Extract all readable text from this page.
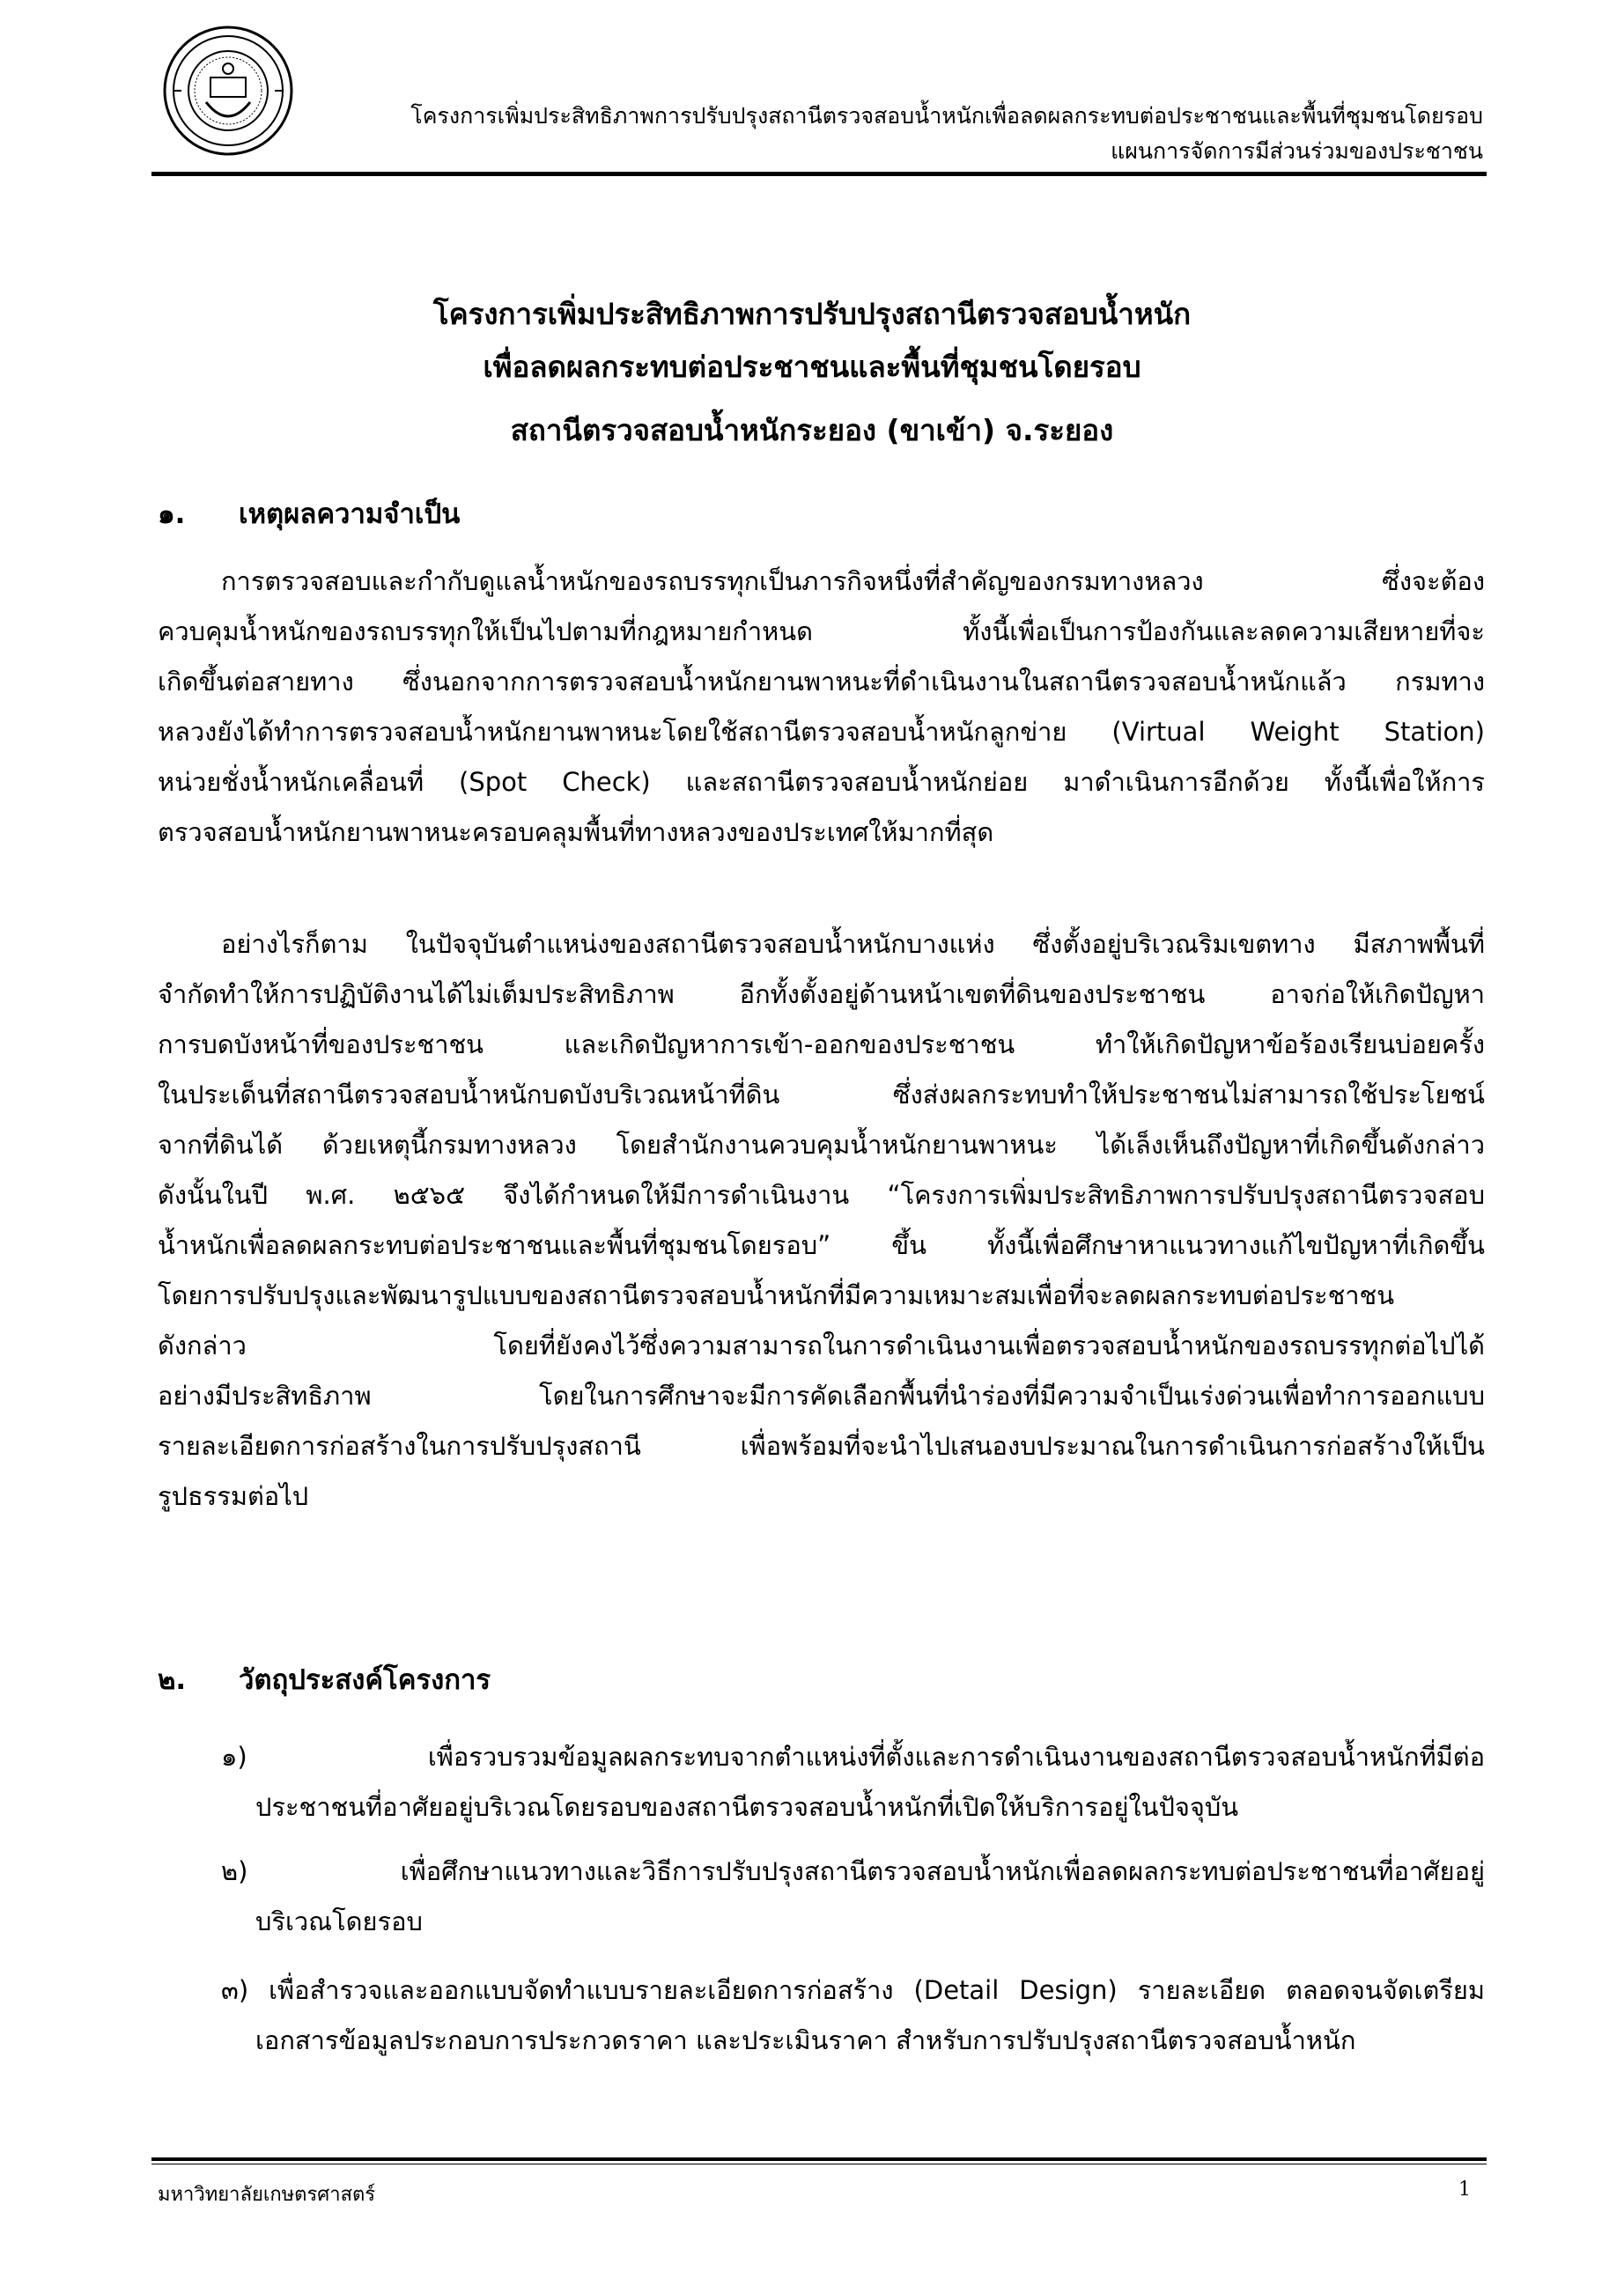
โครงการเพิ่มประสิทธิภาพการปรับปรุงสถานีตรวจสอบน้ำหนักเพื่อลดผลกระทบต่อประชาชนและพื้นที่ชุมชนโดยรอบ
แผนการจัดการมีส่วนร่วมของประชาชน
โครงการเพิ่มประสิทธิภาพการปรับปรุงสถานีตรวจสอบน้ำหนัก
เพื่อลดผลกระทบต่อประชาชนและพื้นที่ชุมชนโดยรอบ
สถานีตรวจสอบน้ำหนักระยอง (ขาเข้า) จ.ระยอง
๑. เหตุผลความจำเป็น
การตรวจสอบและกำกับดูแลน้ำหนักของรถบรรทุกเป็นภารกิจหนึ่งที่สำคัญของกรมทางหลวง ซึ่งจะต้อง
ควบคุมน้ำหนักของรถบรรทุกให้เป็นไปตามที่กฎหมายกำหนด ทั้งนี้เพื่อเป็นการป้องกันและลดความเสียหายที่จะ
เกิดขึ้นต่อสายทาง ซึ่งนอกจากการตรวจสอบน้ำหนักยานพาหนะที่ดำเนินงานในสถานีตรวจสอบน้ำหนักแล้ว กรมทาง
หลวงยังได้ทำการตรวจสอบน้ำหนักยานพาหนะโดยใช้สถานีตรวจสอบน้ำหนักลูกข่าย (Virtual Weight Station)
หน่วยชั่งน้ำหนักเคลื่อนที่ (Spot Check) และสถานีตรวจสอบน้ำหนักย่อย มาดำเนินการอีกด้วย ทั้งนี้เพื่อให้การ
ตรวจสอบน้ำหนักยานพาหนะครอบคลุมพื้นที่ทางหลวงของประเทศให้มากที่สุด
อย่างไรก็ตาม ในปัจจุบันตำแหน่งของสถานีตรวจสอบน้ำหนักบางแห่ง ซึ่งตั้งอยู่บริเวณริมเขตทาง มีสภาพพื้นที่
จำกัดทำให้การปฏิบัติงานได้ไม่เต็มประสิทธิภาพ อีกทั้งตั้งอยู่ด้านหน้าเขตที่ดินของประชาชน อาจก่อให้เกิดปัญหา
การบดบังหน้าที่ของประชาชน และเกิดปัญหาการเข้า-ออกของประชาชน ทำให้เกิดปัญหาข้อร้องเรียนบ่อยครั้ง
ในประเด็นที่สถานีตรวจสอบน้ำหนักบดบังบริเวณหน้าที่ดิน ซึ่งส่งผลกระทบทำให้ประชาชนไม่สามารถใช้ประโยชน์
จากที่ดินได้ ด้วยเหตุนี้กรมทางหลวง โดยสำนักงานควบคุมน้ำหนักยานพาหนะ ได้เล็งเห็นถึงปัญหาที่เกิดขึ้นดังกล่าว
ดังนั้นในปี พ.ศ. ๒๕๖๕ จึงได้กำหนดให้มีการดำเนินงาน “โครงการเพิ่มประสิทธิภาพการปรับปรุงสถานีตรวจสอบ
น้ำหนักเพื่อลดผลกระทบต่อประชาชนและพื้นที่ชุมชนโดยรอบ” ขึ้น ทั้งนี้เพื่อศึกษาหาแนวทางแก้ไขปัญหาที่เกิดขึ้น
โดยการปรับปรุงและพัฒนารูปแบบของสถานีตรวจสอบน้ำหนักที่มีความเหมาะสมเพื่อที่จะลดผลกระทบต่อประชาชน
ดังกล่าว โดยที่ยังคงไว้ซึ่งความสามารถในการดำเนินงานเพื่อตรวจสอบน้ำหนักของรถบรรทุกต่อไปได้
อย่างมีประสิทธิภาพ โดยในการศึกษาจะมีการคัดเลือกพื้นที่นำร่องที่มีความจำเป็นเร่งด่วนเพื่อทำการออกแบบ
รายละเอียดการก่อสร้างในการปรับปรุงสถานี เพื่อพร้อมที่จะนำไปเสนองบประมาณในการดำเนินการก่อสร้างให้เป็น
รูปธรรมต่อไป
๒. วัตถุประสงค์โครงการ
๑) เพื่อรวบรวมข้อมูลผลกระทบจากตำแหน่งที่ตั้งและการดำเนินงานของสถานีตรวจสอบน้ำหนักที่มีต่อ
ประชาชนที่อาศัยอยู่บริเวณโดยรอบของสถานีตรวจสอบน้ำหนักที่เปิดให้บริการอยู่ในปัจจุบัน
๒) เพื่อศึกษาแนวทางและวิธีการปรับปรุงสถานีตรวจสอบน้ำหนักเพื่อลดผลกระทบต่อประชาชนที่อาศัยอยู่
บริเวณโดยรอบ
๓) เพื่อสำรวจและออกแบบจัดทำแบบรายละเอียดการก่อสร้าง (Detail Design) รายละเอียด ตลอดจนจัดเตรียม
เอกสารข้อมูลประกอบการประกวดราคา และประเมินราคา สำหรับการปรับปรุงสถานีตรวจสอบน้ำหนัก
มหาวิทยาลัยเกษตรศาสตร์	1
